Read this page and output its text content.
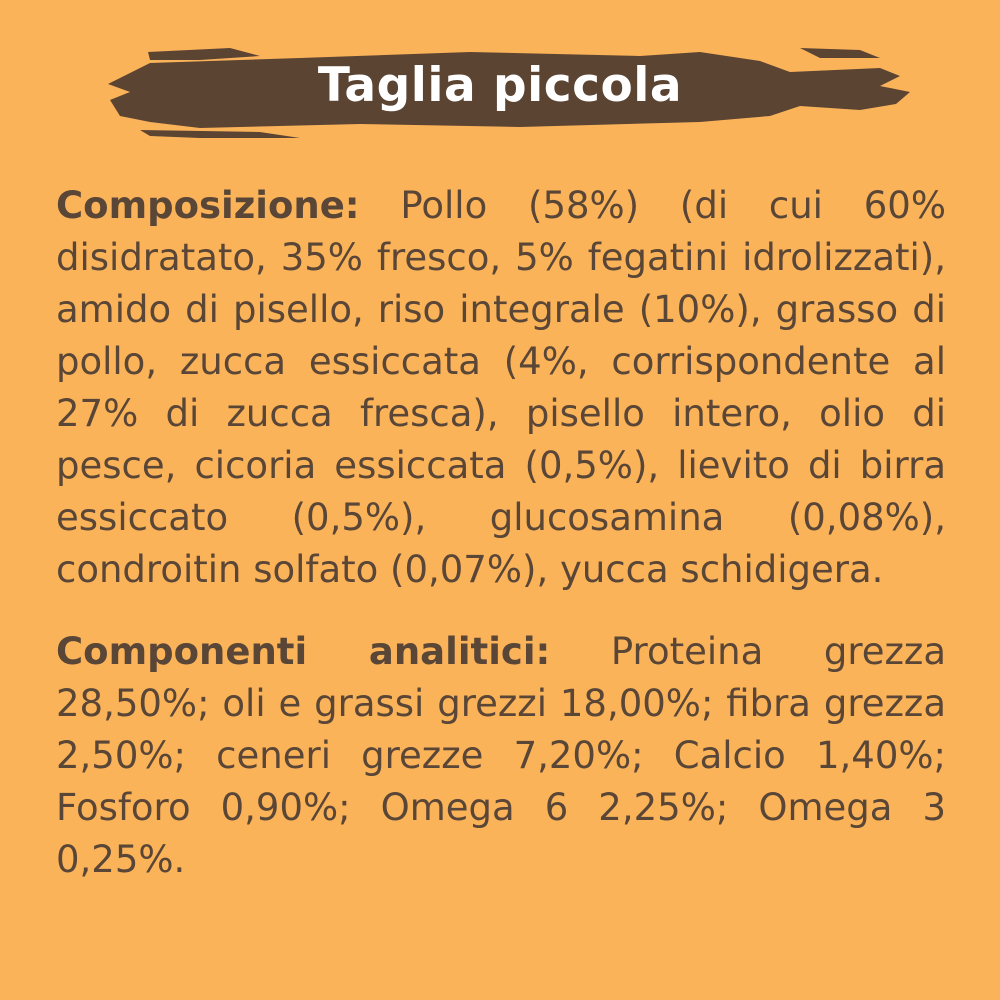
Taglia piccola

Composizione: Pollo (58%) (di cui 60% disidratato, 35% fresco, 5% fegatini idrolizzati), amido di pisello, riso integrale (10%), grasso di pollo, zucca essiccata (4%, corrispondente al 27% di zucca fresca), pisello intero, olio di pesce, cicoria essiccata (0,5%), lievito di birra essiccato (0,5%), glucosamina (0,08%), condroitin solfato (0,07%), yucca schidigera.

Componenti analitici: Proteina grezza 28,50%; oli e grassi grezzi 18,00%; fibra grezza 2,50%; ceneri grezze 7,20%; Calcio 1,40%; Fosforo 0,90%; Omega 6 2,25%; Omega 3 0,25%.
